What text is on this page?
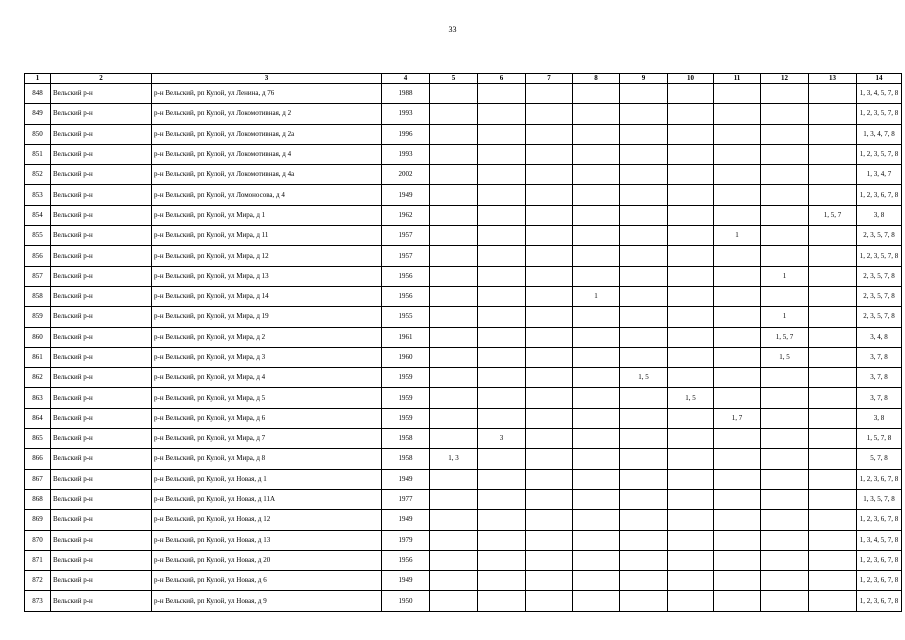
33
1	2	3	4	5	6	7	8	9	10	11	12	13	14
848	Вельский р-н	р-н Вельский, рп Кулой, ул Ленина, д 76	1988										1, 3, 4, 5, 7, 8
849	Вельский р-н	р-н Вельский, рп Кулой, ул Локомотивная, д 2	1993										1, 2, 3, 5, 7, 8
850	Вельский р-н	р-н Вельский, рп Кулой, ул Локомотивная, д 2а	1996										1, 3, 4, 7, 8
851	Вельский р-н	р-н Вельский, рп Кулой, ул Локомотивная, д 4	1993										1, 2, 3, 5, 7, 8
852	Вельский р-н	р-н Вельский, рп Кулой, ул Локомотивная, д 4а	2002										1, 3, 4, 7
853	Вельский р-н	р-н Вельский, рп Кулой, ул Ломоносова, д 4	1949										1, 2, 3, 6, 7, 8
854	Вельский р-н	р-н Вельский, рп Кулой, ул Мира, д 1	1962									1, 5, 7	3, 8
855	Вельский р-н	р-н Вельский, рп Кулой, ул Мира, д 11	1957							1			2, 3, 5, 7, 8
856	Вельский р-н	р-н Вельский, рп Кулой, ул Мира, д 12	1957										1, 2, 3, 5, 7, 8
857	Вельский р-н	р-н Вельский, рп Кулой, ул Мира, д 13	1956								1		2, 3, 5, 7, 8
858	Вельский р-н	р-н Вельский, рп Кулой, ул Мира, д 14	1956				1						2, 3, 5, 7, 8
859	Вельский р-н	р-н Вельский, рп Кулой, ул Мира, д 19	1955								1		2, 3, 5, 7, 8
860	Вельский р-н	р-н Вельский, рп Кулой, ул Мира, д 2	1961								1, 5, 7		3, 4, 8
861	Вельский р-н	р-н Вельский, рп Кулой, ул Мира, д 3	1960								1, 5		3, 7, 8
862	Вельский р-н	р-н Вельский, рп Кулой, ул Мира, д 4	1959					1, 5					3, 7, 8
863	Вельский р-н	р-н Вельский, рп Кулой, ул Мира, д 5	1959						1, 5				3, 7, 8
864	Вельский р-н	р-н Вельский, рп Кулой, ул Мира, д 6	1959							1, 7			3, 8
865	Вельский р-н	р-н Вельский, рп Кулой, ул Мира, д 7	1958		3								1, 5, 7, 8
866	Вельский р-н	р-н Вельский, рп Кулой, ул Мира, д 8	1958	1, 3									5, 7, 8
867	Вельский р-н	р-н Вельский, рп Кулой, ул Новая, д 1	1949										1, 2, 3, 6, 7, 8
868	Вельский р-н	р-н Вельский, рп Кулой, ул Новая, д 11А	1977										1, 3, 5, 7, 8
869	Вельский р-н	р-н Вельский, рп Кулой, ул Новая, д 12	1949										1, 2, 3, 6, 7, 8
870	Вельский р-н	р-н Вельский, рп Кулой, ул Новая, д 13	1979										1, 3, 4, 5, 7, 8
871	Вельский р-н	р-н Вельский, рп Кулой, ул Новая, д 20	1956										1, 2, 3, 6, 7, 8
872	Вельский р-н	р-н Вельский, рп Кулой, ул Новая, д 6	1949										1, 2, 3, 6, 7, 8
873	Вельский р-н	р-н Вельский, рп Кулой, ул Новая, д 9	1950										1, 2, 3, 6, 7, 8
